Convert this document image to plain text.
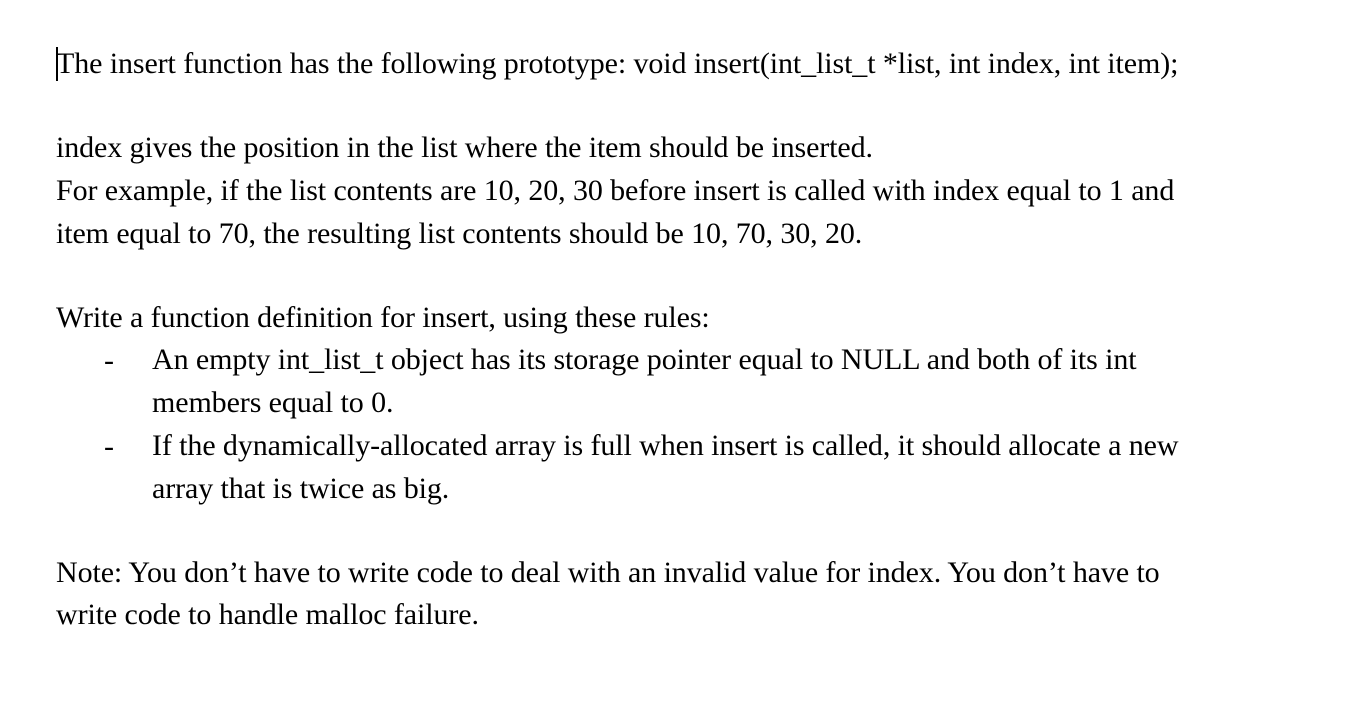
The insert function has the following prototype: void insert(int_list_t *list, int index, int item);
index gives the position in the list where the item should be inserted.
For example, if the list contents are 10, 20, 30 before insert is called with index equal to 1 and
item equal to 70, the resulting list contents should be 10, 70, 30, 20.
Write a function definition for insert, using these rules:
- An empty int_list_t object has its storage pointer equal to NULL and both of its int
members equal to 0.
- If the dynamically-allocated array is full when insert is called, it should allocate a new
array that is twice as big.
Note: You don’t have to write code to deal with an invalid value for index. You don’t have to
write code to handle malloc failure.
